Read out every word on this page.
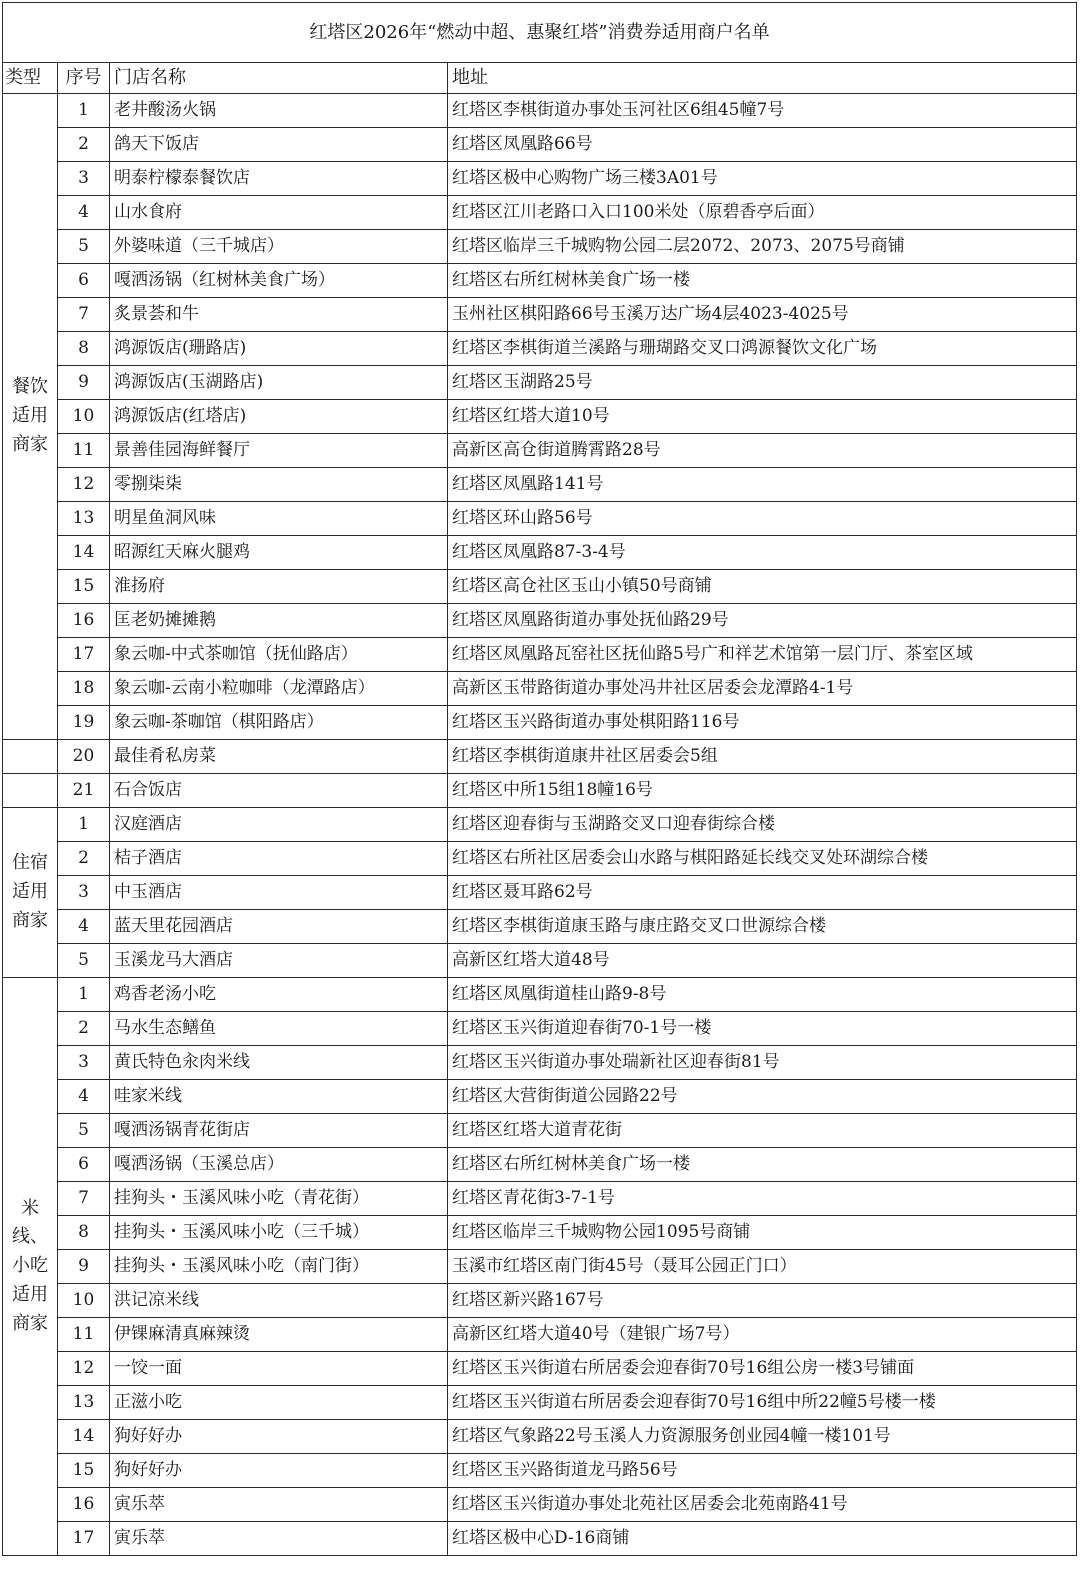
红塔区2026年“燃动中超、惠聚红塔”消费券适用商户名单			
类型	序号	门店名称	地址
餐饮适用商家	1	老井酸汤火锅	红塔区李棋街道办事处玉河社区6组45幢7号
	2	鸽天下饭店	红塔区凤凰路66号
	3	明泰柠檬泰餐饮店	红塔区极中心购物广场三楼3A01号
	4	山水食府	红塔区江川老路口入口100米处（原碧香亭后面）
	5	外婆味道（三千城店）	红塔区临岸三千城购物公园二层2072、2073、2075号商铺
	6	嘎洒汤锅（红树林美食广场）	红塔区右所红树林美食广场一楼
	7	炙景荟和牛	玉州社区棋阳路66号玉溪万达广场4层4023-4025号
	8	鸿源饭店(珊路店)	红塔区李棋街道兰溪路与珊瑚路交叉口鸿源餐饮文化广场
	9	鸿源饭店(玉湖路店)	红塔区玉湖路25号
	10	鸿源饭店(红塔店)	红塔区红塔大道10号
	11	景善佳园海鲜餐厅	高新区高仓街道腾霄路28号
	12	零捌柒柒	红塔区凤凰路141号
	13	明星鱼洞风味	红塔区环山路56号
	14	昭源红天麻火腿鸡	红塔区凤凰路87-3-4号
	15	淮扬府	红塔区高仓社区玉山小镇50号商铺
	16	匡老奶摊摊鹅	红塔区凤凰路街道办事处抚仙路29号
	17	象云咖-中式茶咖馆（抚仙路店）	红塔区凤凰路瓦窑社区抚仙路5号广和祥艺术馆第一层门厅、茶室区域
	18	象云咖-云南小粒咖啡（龙潭路店）	高新区玉带路街道办事处冯井社区居委会龙潭路4-1号
	19	象云咖-茶咖馆（棋阳路店）	红塔区玉兴路街道办事处棋阳路116号
	20	最佳肴私房菜	红塔区李棋街道康井社区居委会5组
	21	石合饭店	红塔区中所15组18幢16号
住宿适用商家	1	汉庭酒店	红塔区迎春街与玉湖路交叉口迎春街综合楼
	2	桔子酒店	红塔区右所社区居委会山水路与棋阳路延长线交叉处环湖综合楼
	3	中玉酒店	红塔区聂耳路62号
	4	蓝天里花园酒店	红塔区李棋街道康玉路与康庄路交叉口世源综合楼
	5	玉溪龙马大酒店	高新区红塔大道48号
米线、小吃适用商家	1	鸡香老汤小吃	红塔区凤凰街道桂山路9-8号
	2	马水生态鳝鱼	红塔区玉兴街道迎春街70-1号一楼
	3	黄氏特色汆肉米线	红塔区玉兴街道办事处瑞新社区迎春街81号
	4	哇家米线	红塔区大营街街道公园路22号
	5	嘎洒汤锅青花街店	红塔区红塔大道青花街
	6	嘎洒汤锅（玉溪总店）	红塔区右所红树林美食广场一楼
	7	挂狗头・玉溪风味小吃（青花街）	红塔区青花街3-7-1号
	8	挂狗头・玉溪风味小吃（三千城）	红塔区临岸三千城购物公园1095号商铺
	9	挂狗头・玉溪风味小吃（南门街）	玉溪市红塔区南门街45号（聂耳公园正门口）
	10	洪记凉米线	红塔区新兴路167号
	11	伊锞麻清真麻辣烫	高新区红塔大道40号（建银广场7号）
	12	一饺一面	红塔区玉兴街道右所居委会迎春街70号16组公房一楼3号铺面
	13	正滋小吃	红塔区玉兴街道右所居委会迎春街70号16组中所22幢5号楼一楼
	14	狗好好办	红塔区气象路22号玉溪人力资源服务创业园4幢一楼101号
	15	狗好好办	红塔区玉兴路街道龙马路56号
	16	寅乐萃	红塔区玉兴街道办事处北苑社区居委会北苑南路41号
	17	寅乐萃	红塔区极中心D-16商铺
